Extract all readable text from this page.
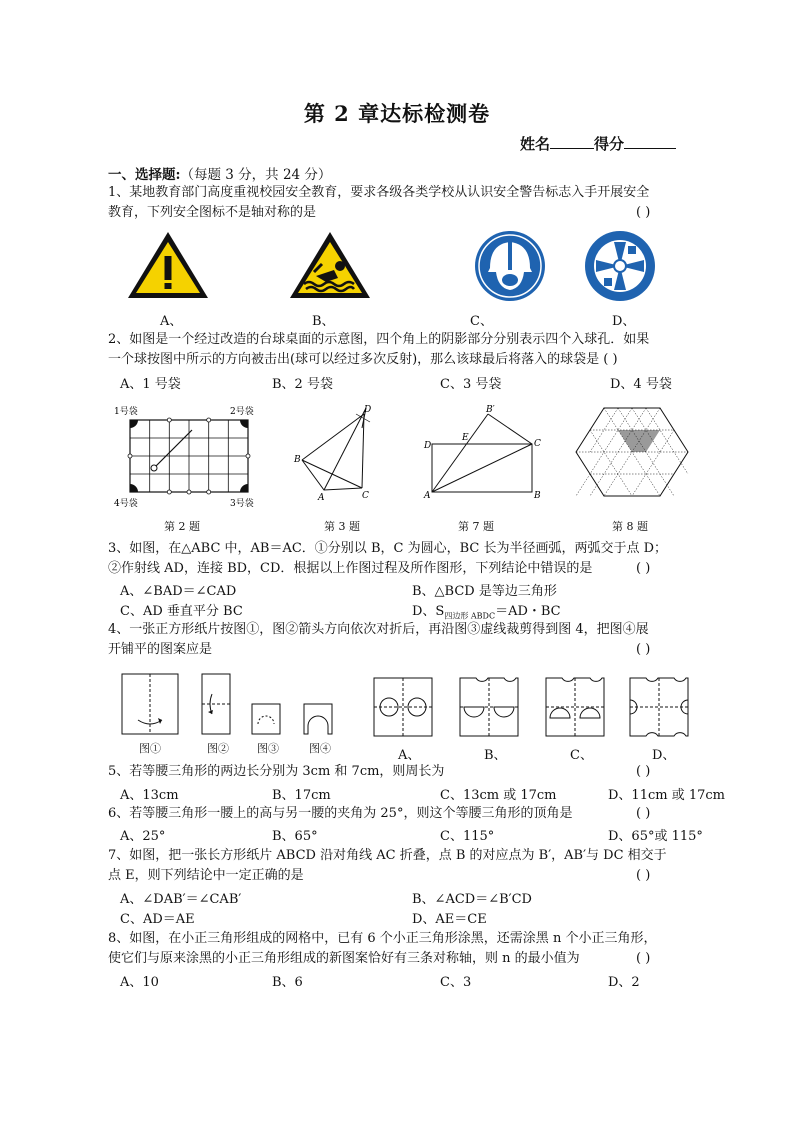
第 2 章达标检测卷
姓名	得分
一、选择题:（每题 3 分，共 24 分）
1、某地教育部门高度重视校园安全教育，要求各级各类学校从认识安全警告标志入手开展安全
教育，下列安全图标不是轴对称的是	( )
A、	B、	C、	D、
2、如图是一个经过改造的台球桌面的示意图，四个角上的阴影部分分别表示四个入球孔．如果
一个球按图中所示的方向被击出(球可以经过多次反射)，那么该球最后将落入的球袋是 ( )
A、1 号袋	B、2 号袋	C、3 号袋	D、4 号袋
1号袋	2号袋
4号袋	3号袋
D
B
A	C
B′
D
E
C
A	B
第 2 题	第 3 题	第 7 题	第 8 题
3、如图，在△ABC 中，AB＝AC．①分别以 B，C 为圆心，BC 长为半径画弧，两弧交于点 D；
②作射线 AD，连接 BD，CD．根据以上作图过程及所作图形，下列结论中错误的是	( )
A、∠BAD＝∠CAD	B、△BCD 是等边三角形
C、AD 垂直平分 BC	D、$S_{四边形 ABDC}=AD$・BC
4、一张正方形纸片按图①，图②箭头方向依次对折后，再沿图③虚线裁剪得到图 4，把图④展
开铺平的图案应是	( )
图①	图②	图③	图④	A、	B、	C、	D、
5、若等腰三角形的两边长分别为 3cm 和 7cm，则周长为	( )
A、13cm	B、17cm	C、13cm 或 17cm	D、11cm 或 17cm
6、若等腰三角形一腰上的高与另一腰的夹角为 25°，则这个等腰三角形的顶角是	( )
A、25°	B、65°	C、115°	D、65°或 115°
7、如图，把一张长方形纸片 ABCD 沿对角线 AC 折叠，点 B 的对应点为 B′，AB′与 DC 相交于
点 E，则下列结论中一定正确的是	( )
A、∠DAB′＝∠CAB′	B、∠ACD＝∠B′CD
C、AD＝AE	D、AE＝CE
8、如图，在小正三角形组成的网格中，已有 6 个小正三角形涂黑，还需涂黑 n 个小正三角形，
使它们与原来涂黑的小正三角形组成的新图案恰好有三条对称轴，则 n 的最小值为	( )
A、10	B、6	C、3	D、2
